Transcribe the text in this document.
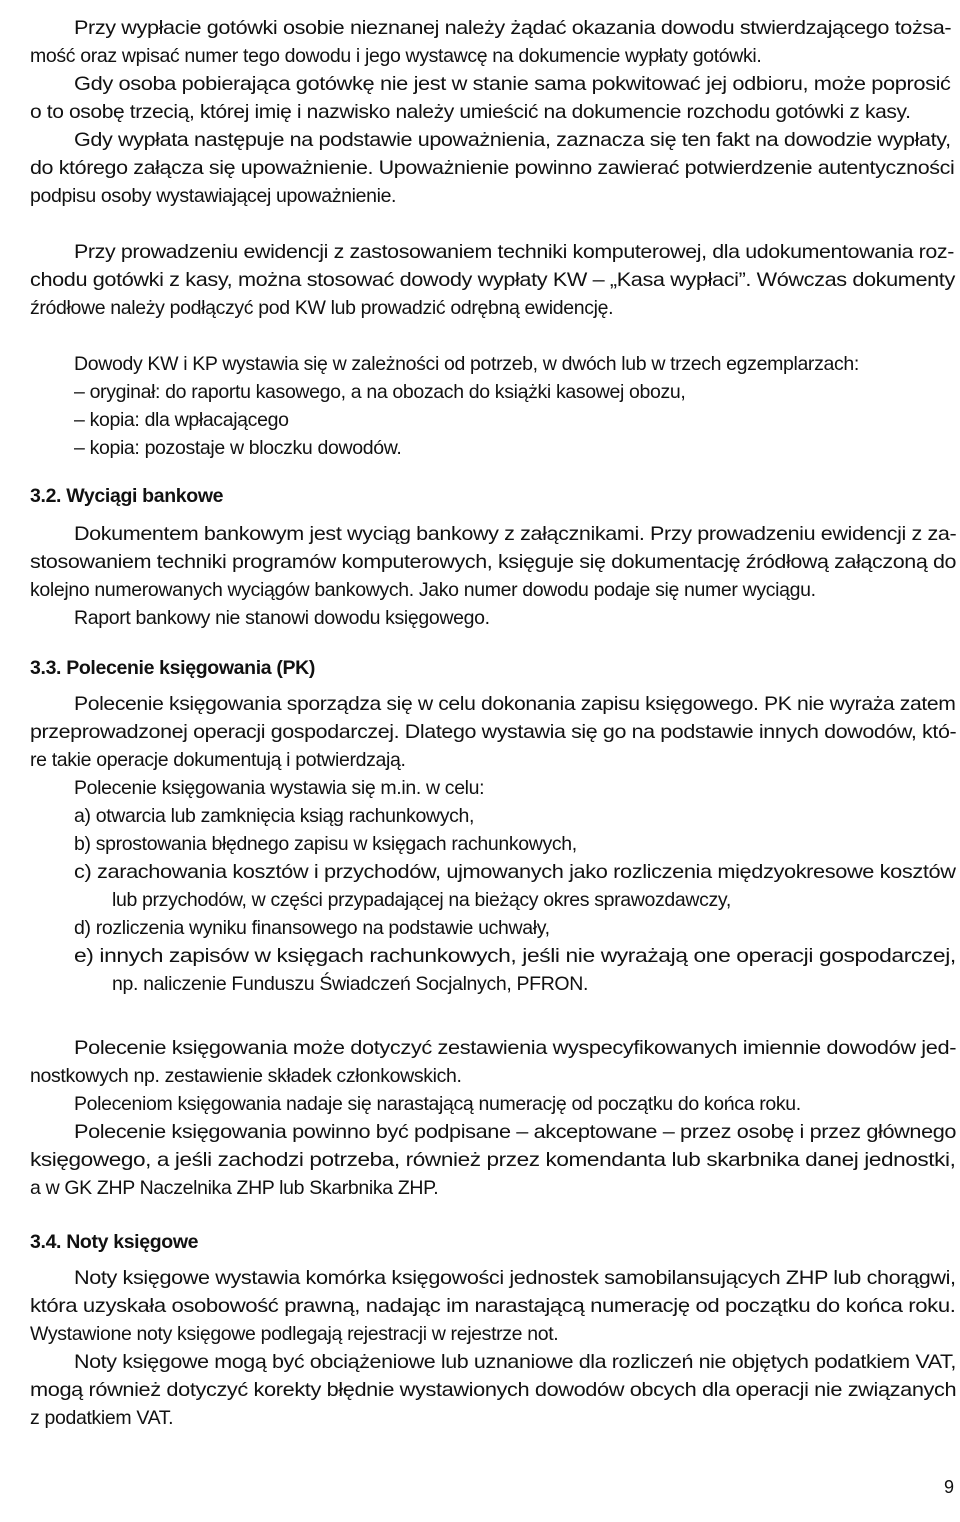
Przy wypłacie gotówki osobie nieznanej należy żądać okazania dowodu stwierdzającego tożsa-
mość oraz wpisać numer tego dowodu i jego wystawcę na dokumencie wypłaty gotówki.
Gdy osoba pobierająca gotówkę nie jest w stanie sama pokwitować jej odbioru, może poprosić
o to osobę trzecią, której imię i nazwisko należy umieścić na dokumencie rozchodu gotówki z kasy.
Gdy wypłata następuje na podstawie upoważnienia, zaznacza się ten fakt na dowodzie wypłaty,
do którego załącza się upoważnienie. Upoważnienie powinno zawierać potwierdzenie autentyczności
podpisu osoby wystawiającej upoważnienie.
Przy prowadzeniu ewidencji z zastosowaniem techniki komputerowej, dla udokumentowania roz-
chodu gotówki z kasy, można stosować dowody wypłaty KW – „Kasa wypłaci”. Wówczas dokumenty
źródłowe należy podłączyć pod KW lub prowadzić odrębną ewidencję.
Dowody KW i KP wystawia się w zależności od potrzeb, w dwóch lub w trzech egzemplarzach:
– oryginał: do raportu kasowego, a na obozach do książki kasowej obozu,
– kopia: dla wpłacającego
– kopia: pozostaje w bloczku dowodów.
3.2. Wyciągi bankowe
Dokumentem bankowym jest wyciąg bankowy z załącznikami. Przy prowadzeniu ewidencji z za-
stosowaniem techniki programów komputerowych, księguje się dokumentację źródłową załączoną do
kolejno numerowanych wyciągów bankowych. Jako numer dowodu podaje się numer wyciągu.
Raport bankowy nie stanowi dowodu księgowego.
3.3. Polecenie księgowania (PK)
Polecenie księgowania sporządza się w celu dokonania zapisu księgowego. PK nie wyraża zatem
przeprowadzonej operacji gospodarczej. Dlatego wystawia się go na podstawie innych dowodów, któ-
re takie operacje dokumentują i potwierdzają.
Polecenie księgowania wystawia się m.in. w celu:
a) otwarcia lub zamknięcia ksiąg rachunkowych,
b) sprostowania błędnego zapisu w księgach rachunkowych,
c) zarachowania kosztów i przychodów, ujmowanych jako rozliczenia międzyokresowe kosztów
lub przychodów, w części przypadającej na bieżący okres sprawozdawczy,
d) rozliczenia wyniku finansowego na podstawie uchwały,
e) innych zapisów w księgach rachunkowych, jeśli nie wyrażają one operacji gospodarczej,
np. naliczenie Funduszu Świadczeń Socjalnych, PFRON.
Polecenie księgowania może dotyczyć zestawienia wyspecyfikowanych imiennie dowodów jed-
nostkowych np. zestawienie składek członkowskich.
Poleceniom księgowania nadaje się narastającą numerację od początku do końca roku.
Polecenie księgowania powinno być podpisane – akceptowane – przez osobę i przez głównego
księgowego, a jeśli zachodzi potrzeba, również przez komendanta lub skarbnika danej jednostki,
a w GK ZHP Naczelnika ZHP lub Skarbnika ZHP.
3.4. Noty księgowe
Noty księgowe wystawia komórka księgowości jednostek samobilansujących ZHP lub chorągwi,
która uzyskała osobowość prawną, nadając im narastającą numerację od początku do końca roku.
Wystawione noty księgowe podlegają rejestracji w rejestrze not.
Noty księgowe mogą być obciążeniowe lub uznaniowe dla rozliczeń nie objętych podatkiem VAT,
mogą również dotyczyć korekty błędnie wystawionych dowodów obcych dla operacji nie związanych
z podatkiem VAT.
9
